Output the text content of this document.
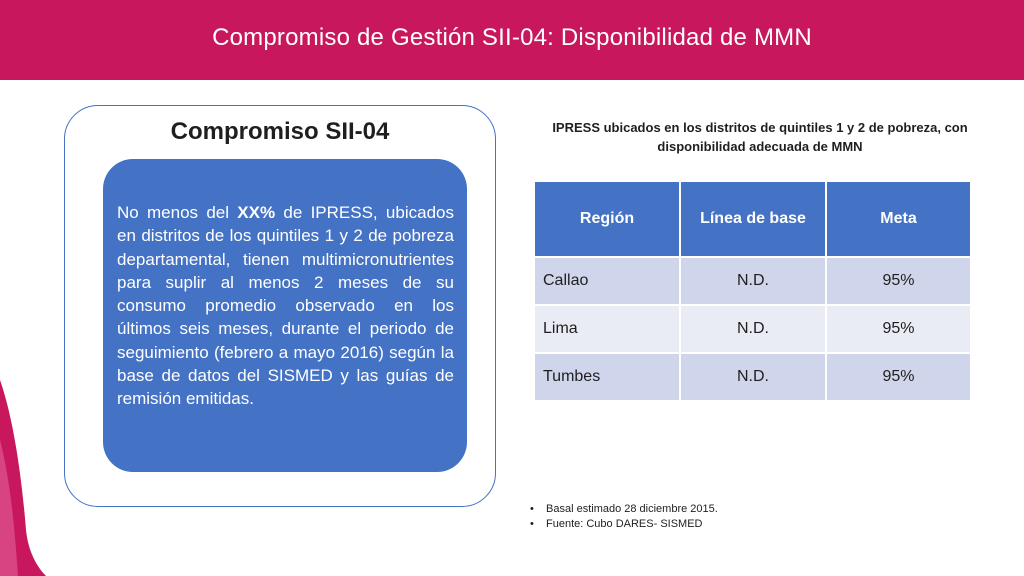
Compromiso de Gestión SII-04: Disponibilidad de MMN
Compromiso SII-04
No menos del XX% de IPRESS, ubicados en distritos de los quintiles 1 y 2 de pobreza departamental, tienen multimicronutrientes para suplir al menos 2 meses de su consumo promedio observado en los últimos seis meses, durante el periodo de seguimiento (febrero a mayo 2016) según la base de datos del SISMED y las guías de remisión emitidas.
IPRESS ubicados en los distritos de quintiles 1 y 2 de pobreza, con disponibilidad adecuada de MMN
Región	Línea de base	Meta
Callao	N.D.	95%
Lima	N.D.	95%
Tumbes	N.D.	95%
• Basal estimado 28 diciembre 2015.
• Fuente: Cubo DARES- SISMED
